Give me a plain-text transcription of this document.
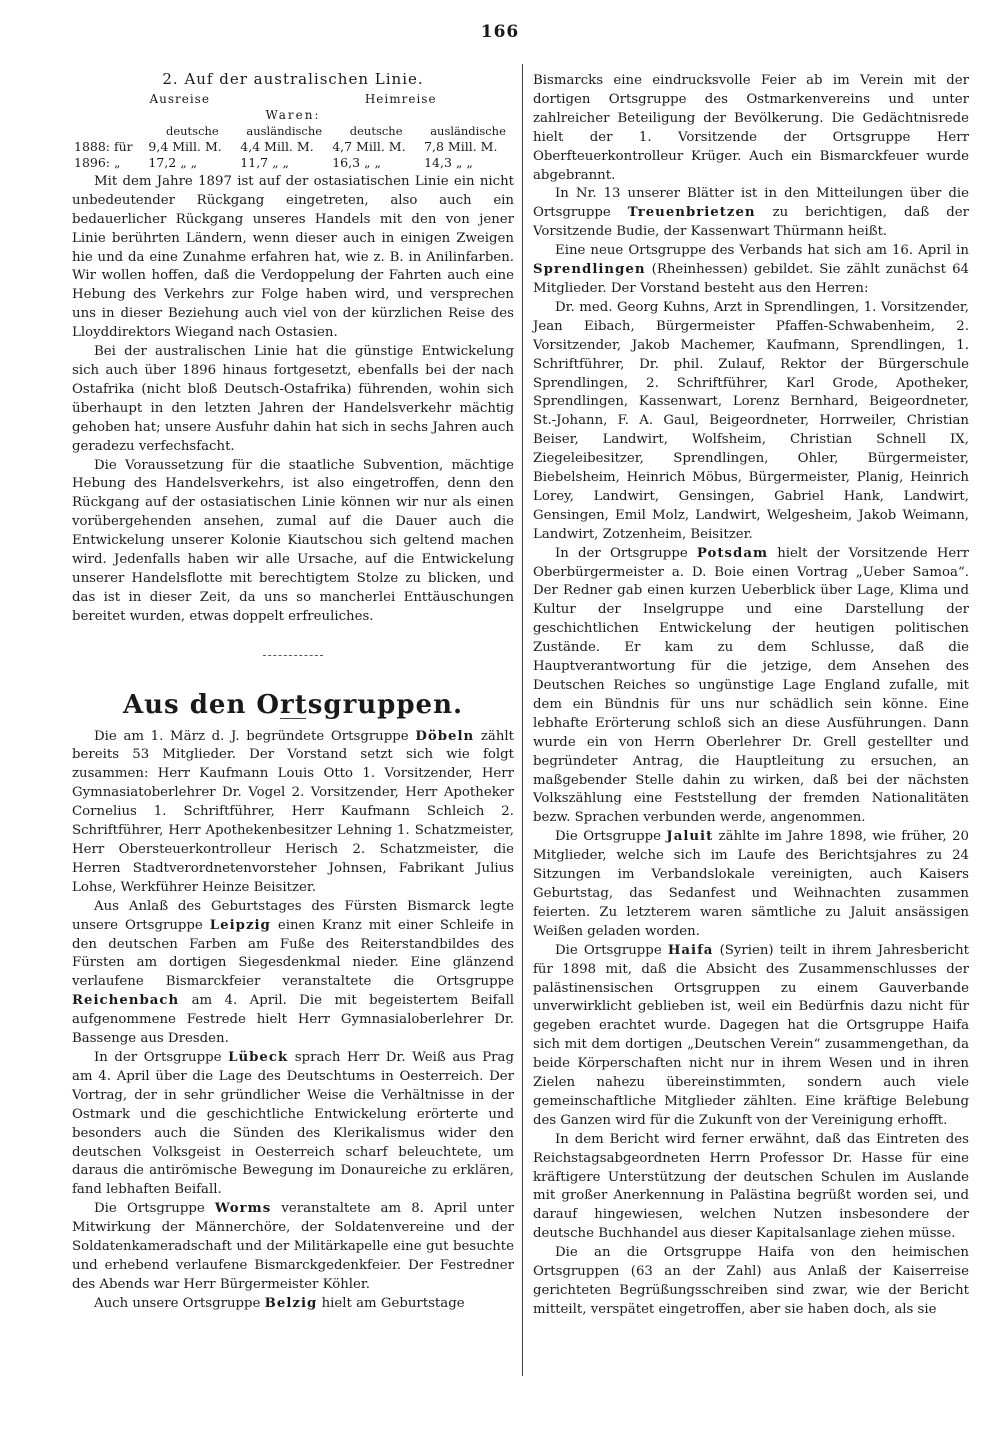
166
2. Auf der australischen Linie.
Ausreise	Heimreise
Waren:
	deutsche	ausländische	deutsche	ausländische
1888: für	9,4 Mill. M.	4,4 Mill. M.	4,7 Mill. M.	7,8 Mill. M.
1896: „	17,2 „ „	11,7 „ „	16,3 „ „	14,3 „ „

Mit dem Jahre 1897 ist auf der ostasiatischen Linie ein nicht unbedeutender Rückgang eingetreten, also auch ein bedauerlicher Rückgang unseres Handels mit den von jener Linie berührten Ländern, wenn dieser auch in einigen Zweigen hie und da eine Zunahme erfahren hat, wie z. B. in Anilinfarben. Wir wollen hoffen, daß die Verdoppelung der Fahrten auch eine Hebung des Verkehrs zur Folge haben wird, und versprechen uns in dieser Beziehung auch viel von der kürzlichen Reise des Lloyddirektors Wiegand nach Ostasien.

Bei der australischen Linie hat die günstige Entwickelung sich auch über 1896 hinaus fortgesetzt, ebenfalls bei der nach Ostafrika (nicht bloß Deutsch-Ostafrika) führenden, wohin sich überhaupt in den letzten Jahren der Handelsverkehr mächtig gehoben hat; unsere Ausfuhr dahin hat sich in sechs Jahren auch geradezu verfechsfacht.

Die Voraussetzung für die staatliche Subvention, mächtige Hebung des Handelsverkehrs, ist also eingetroffen, denn den Rückgang auf der ostasiatischen Linie können wir nur als einen vorübergehenden ansehen, zumal auf die Dauer auch die Entwickelung unserer Kolonie Kiautschou sich geltend machen wird. Jedenfalls haben wir alle Ursache, auf die Entwickelung unserer Handelsflotte mit berechtigtem Stolze zu blicken, und das ist in dieser Zeit, da uns so mancherlei Enttäuschungen bereitet wurden, etwas doppelt erfreuliches.

Aus den Ortsgruppen.

Die am 1. März d. J. begründete Ortsgruppe Döbeln zählt bereits 53 Mitglieder. Der Vorstand setzt sich wie folgt zusammen: Herr Kaufmann Louis Otto 1. Vorsitzender, Herr Gymnasiatoberlehrer Dr. Vogel 2. Vorsitzender, Herr Apotheker Cornelius 1. Schriftführer, Herr Kaufmann Schleich 2. Schriftführer, Herr Apothekenbesitzer Lehning 1. Schatzmeister, Herr Obersteuerkontrolleur Herisch 2. Schatzmeister, die Herren Stadtverordnetenvorsteher Johnsen, Fabrikant Julius Lohse, Werkführer Heinze Beisitzer.

Aus Anlaß des Geburtstages des Fürsten Bismarck legte unsere Ortsgruppe Leipzig einen Kranz mit einer Schleife in den deutschen Farben am Fuße des Reiterstandbildes des Fürsten am dortigen Siegesdenkmal nieder. Eine glänzend verlaufene Bismarckfeier veranstaltete die Ortsgruppe Reichenbach am 4. April. Die mit begeistertem Beifall aufgenommene Festrede hielt Herr Gymnasialoberlehrer Dr. Bassenge aus Dresden.

In der Ortsgruppe Lübeck sprach Herr Dr. Weiß aus Prag am 4. April über die Lage des Deutschtums in Oesterreich. Der Vortrag, der in sehr gründlicher Weise die Verhältnisse in der Ostmark und die geschichtliche Entwickelung erörterte und besonders auch die Sünden des Klerikalismus wider den deutschen Volksgeist in Oesterreich scharf beleuchtete, um daraus die antirömische Bewegung im Donaureiche zu erklären, fand lebhaften Beifall.

Die Ortsgruppe Worms veranstaltete am 8. April unter Mitwirkung der Männerchöre, der Soldatenvereine und der Soldatenkameradschaft und der Militärkapelle eine gut besuchte und erhebend verlaufene Bismarckgedenkfeier. Der Festredner des Abends war Herr Bürgermeister Köhler.

Auch unsere Ortsgruppe Belzig hielt am Geburtstage

Bismarcks eine eindrucksvolle Feier ab im Verein mit der dortigen Ortsgruppe des Ostmarkenvereins und unter zahlreicher Beteiligung der Bevölkerung. Die Gedächtnisrede hielt der 1. Vorsitzende der Ortsgruppe Herr Oberfteuerkontrolleur Krüger. Auch ein Bismarckfeuer wurde abgebrannt.

In Nr. 13 unserer Blätter ist in den Mitteilungen über die Ortsgruppe Treuenbrietzen zu berichtigen, daß der Vorsitzende Budie, der Kassenwart Thürmann heißt.

Eine neue Ortsgruppe des Verbands hat sich am 16. April in Sprendlingen (Rheinhessen) gebildet. Sie zählt zunächst 64 Mitglieder. Der Vorstand besteht aus den Herren:

Dr. med. Georg Kuhns, Arzt in Sprendlingen, 1. Vorsitzender, Jean Eibach, Bürgermeister Pfaffen-Schwabenheim, 2. Vorsitzender, Jakob Machemer, Kaufmann, Sprendlingen, 1. Schriftführer, Dr. phil. Zulauf, Rektor der Bürgerschule Sprendlingen, 2. Schriftführer, Karl Grode, Apotheker, Sprendlingen, Kassenwart, Lorenz Bernhard, Beigeordneter, St.-Johann, F. A. Gaul, Beigeordneter, Horrweiler, Christian Beiser, Landwirt, Wolfsheim, Christian Schnell IX, Ziegeleibesitzer, Sprendlingen, Ohler, Bürgermeister, Biebelsheim, Heinrich Möbus, Bürgermeister, Planig, Heinrich Lorey, Landwirt, Gensingen, Gabriel Hank, Landwirt, Gensingen, Emil Molz, Landwirt, Welgesheim, Jakob Weimann, Landwirt, Zotzenheim, Beisitzer.

In der Ortsgruppe Potsdam hielt der Vorsitzende Herr Oberbürgermeister a. D. Boie einen Vortrag „Ueber Samoa“. Der Redner gab einen kurzen Ueberblick über Lage, Klima und Kultur der Inselgruppe und eine Darstellung der geschichtlichen Entwickelung der heutigen politischen Zustände. Er kam zu dem Schlusse, daß die Hauptverantwortung für die jetzige, dem Ansehen des Deutschen Reiches so ungünstige Lage England zufalle, mit dem ein Bündnis für uns nur schädlich sein könne. Eine lebhafte Erörterung schloß sich an diese Ausführungen. Dann wurde ein von Herrn Oberlehrer Dr. Grell gestellter und begründeter Antrag, die Hauptleitung zu ersuchen, an maßgebender Stelle dahin zu wirken, daß bei der nächsten Volkszählung eine Feststellung der fremden Nationalitäten bezw. Sprachen verbunden werde, angenommen.

Die Ortsgruppe Jaluit zählte im Jahre 1898, wie früher, 20 Mitglieder, welche sich im Laufe des Berichtsjahres zu 24 Sitzungen im Verbandslokale vereinigten, auch Kaisers Geburtstag, das Sedanfest und Weihnachten zusammen feierten. Zu letzterem waren sämtliche zu Jaluit ansässigen Weißen geladen worden.

Die Ortsgruppe Haifa (Syrien) teilt in ihrem Jahresbericht für 1898 mit, daß die Absicht des Zusammenschlusses der palästinensischen Ortsgruppen zu einem Gauverbande unverwirklicht geblieben ist, weil ein Bedürfnis dazu nicht für gegeben erachtet wurde. Dagegen hat die Ortsgruppe Haifa sich mit dem dortigen „Deutschen Verein“ zusammengethan, da beide Körperschaften nicht nur in ihrem Wesen und in ihren Zielen nahezu übereinstimmten, sondern auch viele gemeinschaftliche Mitglieder zählten. Eine kräftige Belebung des Ganzen wird für die Zukunft von der Vereinigung erhofft.

In dem Bericht wird ferner erwähnt, daß das Eintreten des Reichstagsabgeordneten Herrn Professor Dr. Hasse für eine kräftigere Unterstützung der deutschen Schulen im Auslande mit großer Anerkennung in Palästina begrüßt worden sei, und darauf hingewiesen, welchen Nutzen insbesondere der deutsche Buchhandel aus dieser Kapitalsanlage ziehen müsse.

Die an die Ortsgruppe Haifa von den heimischen Ortsgruppen (63 an der Zahl) aus Anlaß der Kaiserreise gerichteten Begrüßungsschreiben sind zwar, wie der Bericht mitteilt, verspätet eingetroffen, aber sie haben doch, als sie
